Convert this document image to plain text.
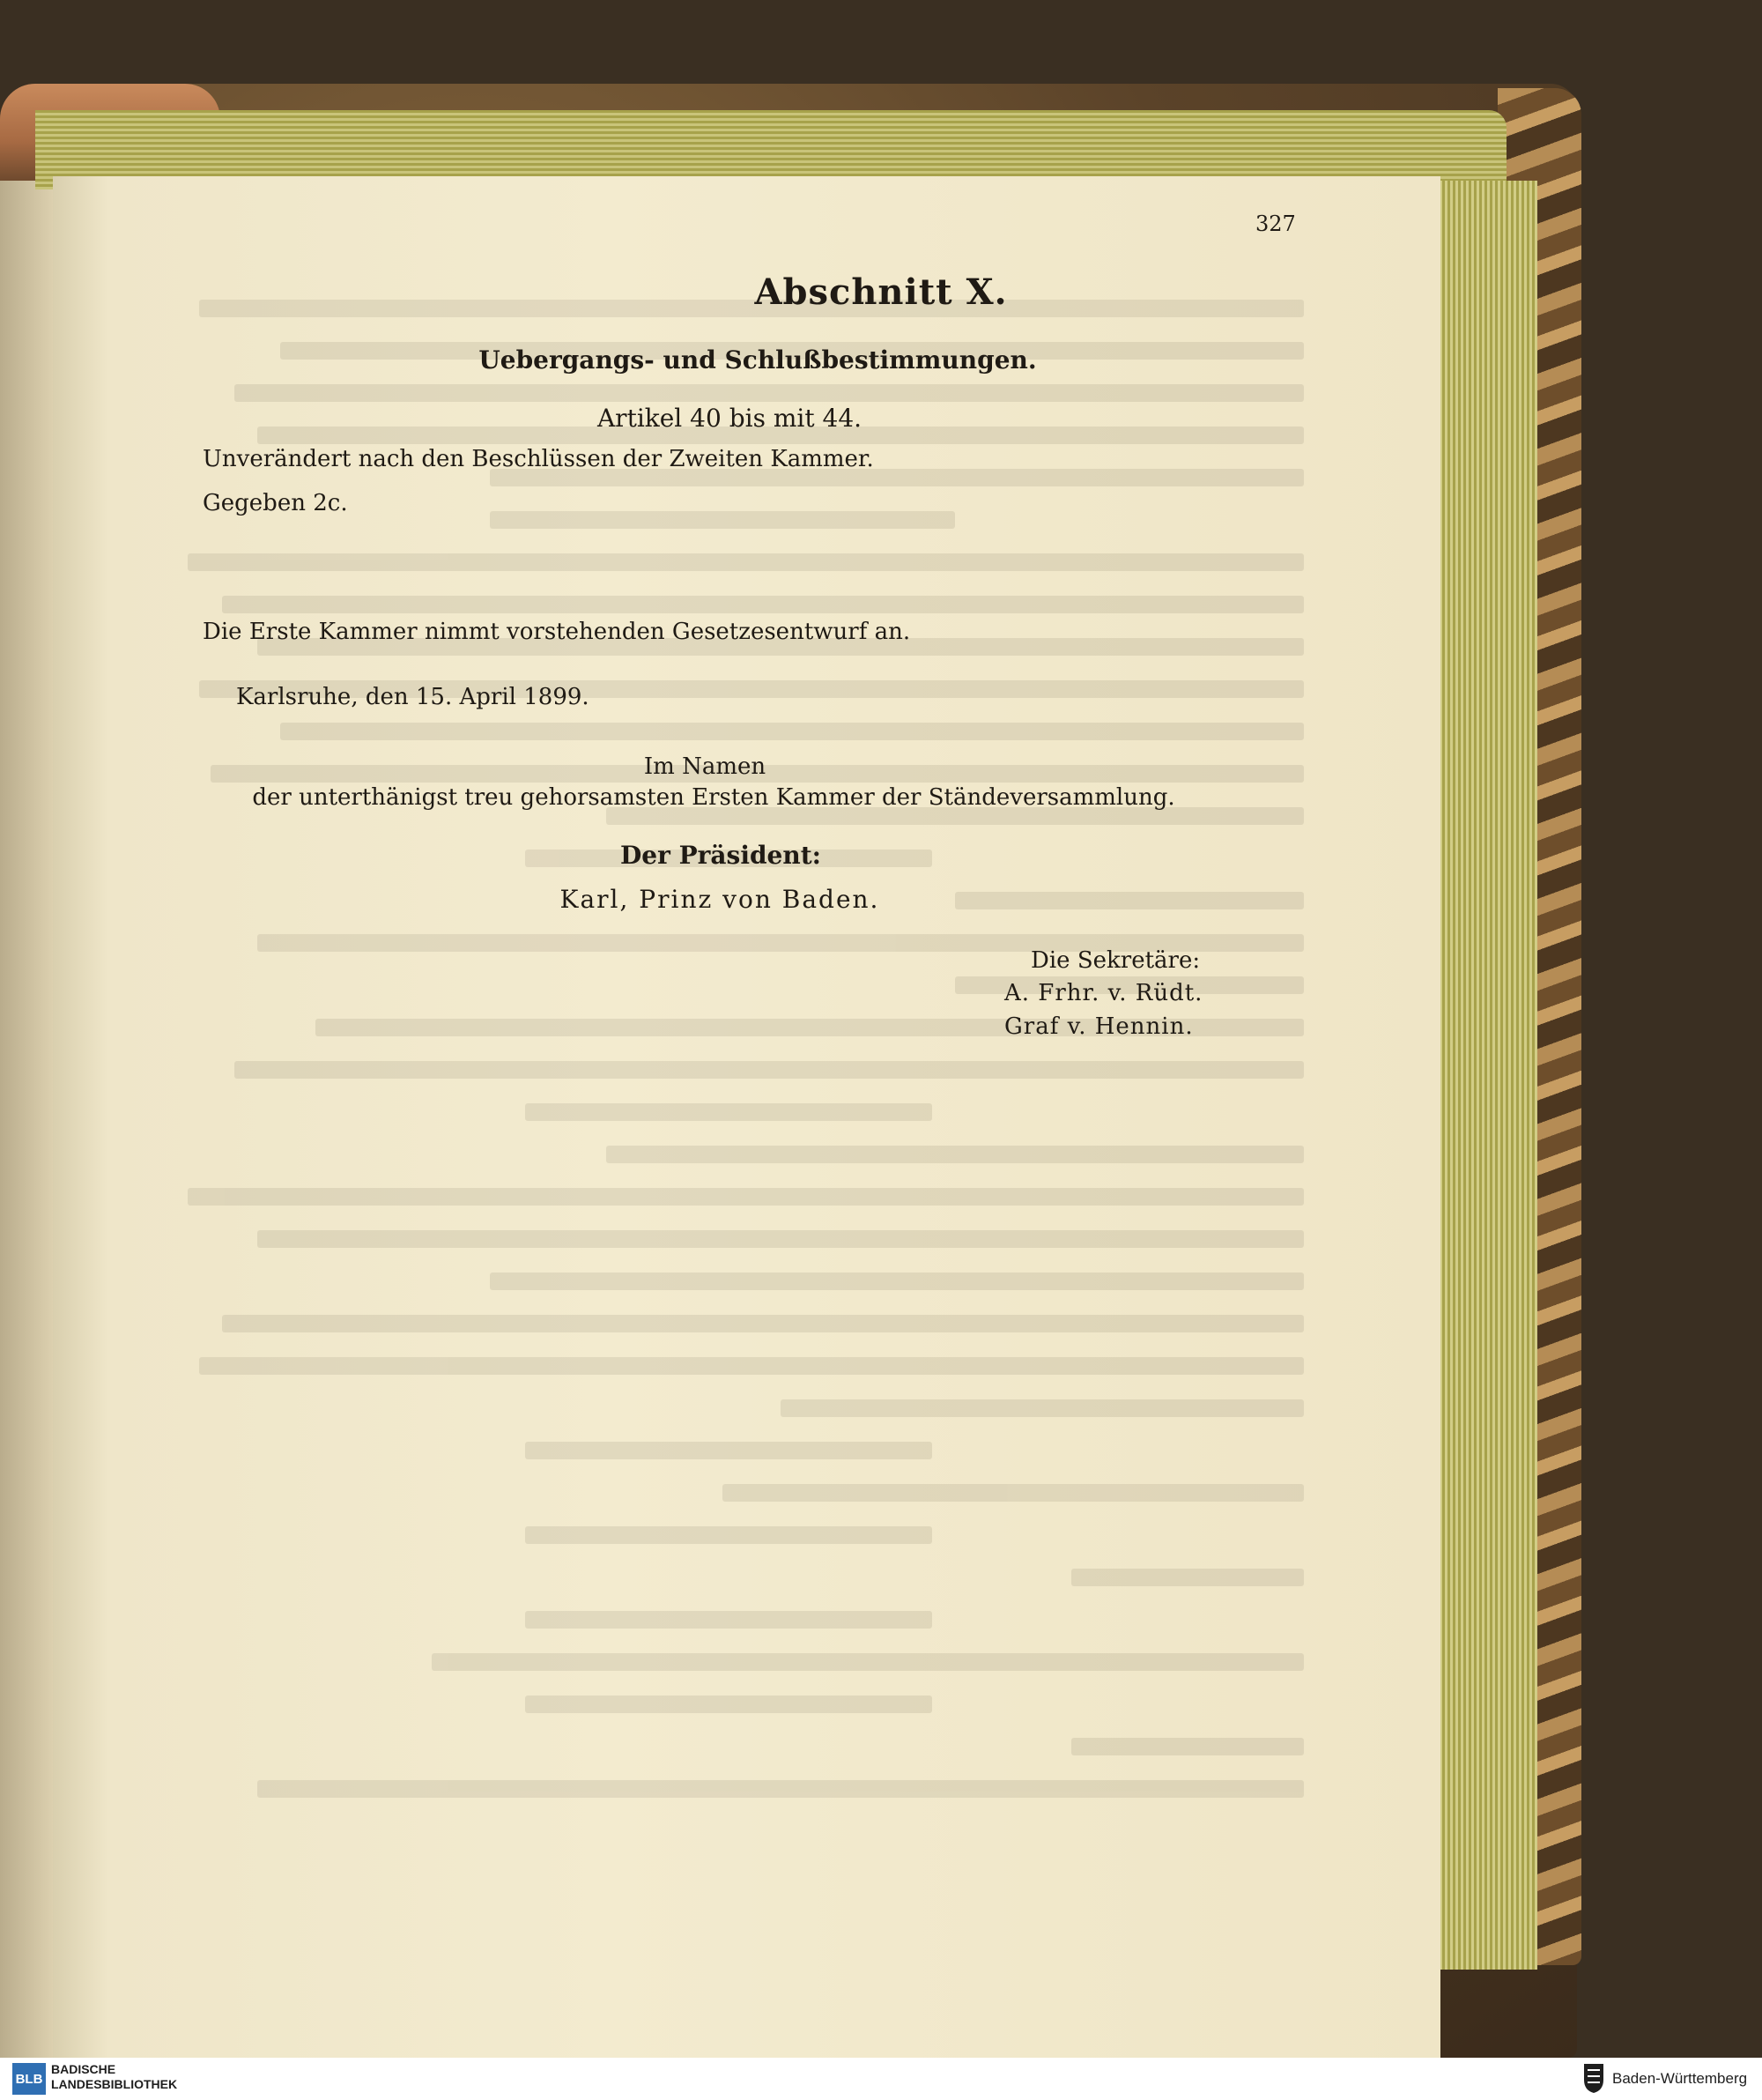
327
Abschnitt X.
Uebergangs- und Schlußbestimmungen.
Artikel 40 bis mit 44.
Unverändert nach den Beschlüssen der Zweiten Kammer.
Gegeben 2c.
Die Erste Kammer nimmt vorstehenden Gesetzesentwurf an.
Karlsruhe, den 15. April 1899.
Im Namen
der unterthänigst treu gehorsamsten Ersten Kammer der Ständeversammlung.
Der Präsident:
Karl, Prinz von Baden.
Die Sekretäre:
A. Frhr. v. Rüdt.
Graf v. Hennin.
BLB
BADISCHE
LANDESBIBLIOTHEK	Baden-Württemberg
